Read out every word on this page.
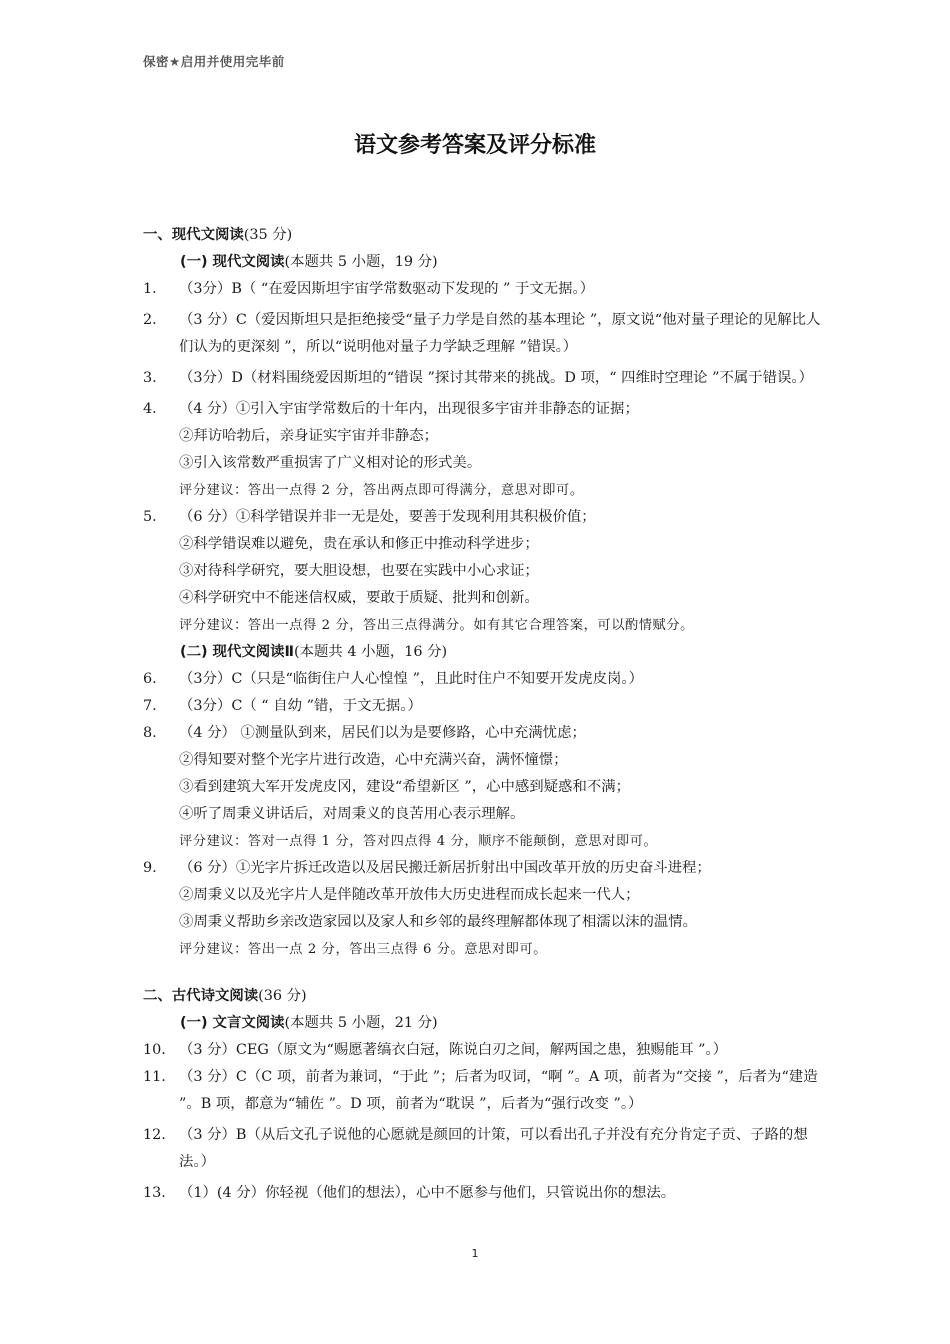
保密★启用并使用完毕前
语文参考答案及评分标准
一、现代文阅读(35 分)
(一) 现代文阅读(本题共 5 小题，19 分)
1． （3分）B（ “在爱因斯坦宇宙学常数驱动下发现的 ” 于文无据。）
2． （3 分）C（爱因斯坦只是拒绝接受“量子力学是自然的基本理论 ”，原文说“他对量子理论的见解比人们认为的更深刻 ”，所以“说明他对量子力学缺乏理解 ”错误。）
3． （3分）D（材料围绕爱因斯坦的“错误 ”探讨其带来的挑战。D 项，“ 四维时空理论 ”不属于错误。）
4． （4 分）①引入宇宙学常数后的十年内，出现很多宇宙并非静态的证据；
②拜访哈勃后，亲身证实宇宙并非静态；
③引入该常数严重损害了广义相对论的形式美。
评分建议：答出一点得 2 分，答出两点即可得满分，意思对即可。
5． （6 分）①科学错误并非一无是处，要善于发现利用其积极价值；
②科学错误难以避免，贵在承认和修正中推动科学进步；
③对待科学研究，要大胆设想，也要在实践中小心求证；
④科学研究中不能迷信权威，要敢于质疑、批判和创新。
评分建议：答出一点得 2 分，答出三点得满分。如有其它合理答案，可以酌情赋分。
(二) 现代文阅读Ⅱ(本题共 4 小题，16 分)
6.	（3分）C（只是“临街住户人心惶惶 ”，且此时住户不知要开发虎皮岗。）
7.	（3分）C（ “ 自幼 ”错，于文无据。）
8.	（4 分） ①测量队到来，居民们以为是要修路，心中充满忧虑；
②得知要对整个光字片进行改造，心中充满兴奋，满怀憧憬；
③看到建筑大军开发虎皮冈，建设“希望新区 ”，心中感到疑惑和不满；
④听了周秉义讲话后，对周秉义的良苦用心表示理解。
评分建议：答对一点得 1 分，答对四点得 4 分，顺序不能颠倒，意思对即可。
9.	（6 分）①光字片拆迁改造以及居民搬迁新居折射出中国改革开放的历史奋斗进程；
②周秉义以及光字片人是伴随改革开放伟大历史进程而成长起来一代人；
③周秉义帮助乡亲改造家园以及家人和乡邻的最终理解都体现了相濡以沫的温情。
评分建议：答出一点 2 分，答出三点得 6 分。意思对即可。
二、古代诗文阅读(36 分)
(一) 文言文阅读(本题共 5 小题，21 分)
10. （3 分）CEG（原文为“赐愿著缟衣白冠，陈说白刃之间，解两国之患，独赐能耳 ”。）
11. （3 分）C（C 项，前者为兼词，“于此 ”；后者为叹词，“啊 ”。A 项，前者为“交接 ”，后者为“建造 ”。B 项，都意为“辅佐 ”。D 项，前者为“耽误 ”，后者为“强行改变 ”。）
12. （3 分）B（从后文孔子说他的心愿就是颜回的计策，可以看出孔子并没有充分肯定子贡、子路的想法。）
13. （1）(4 分）你轻视（他们的想法），心中不愿参与他们，只管说出你的想法。
1
